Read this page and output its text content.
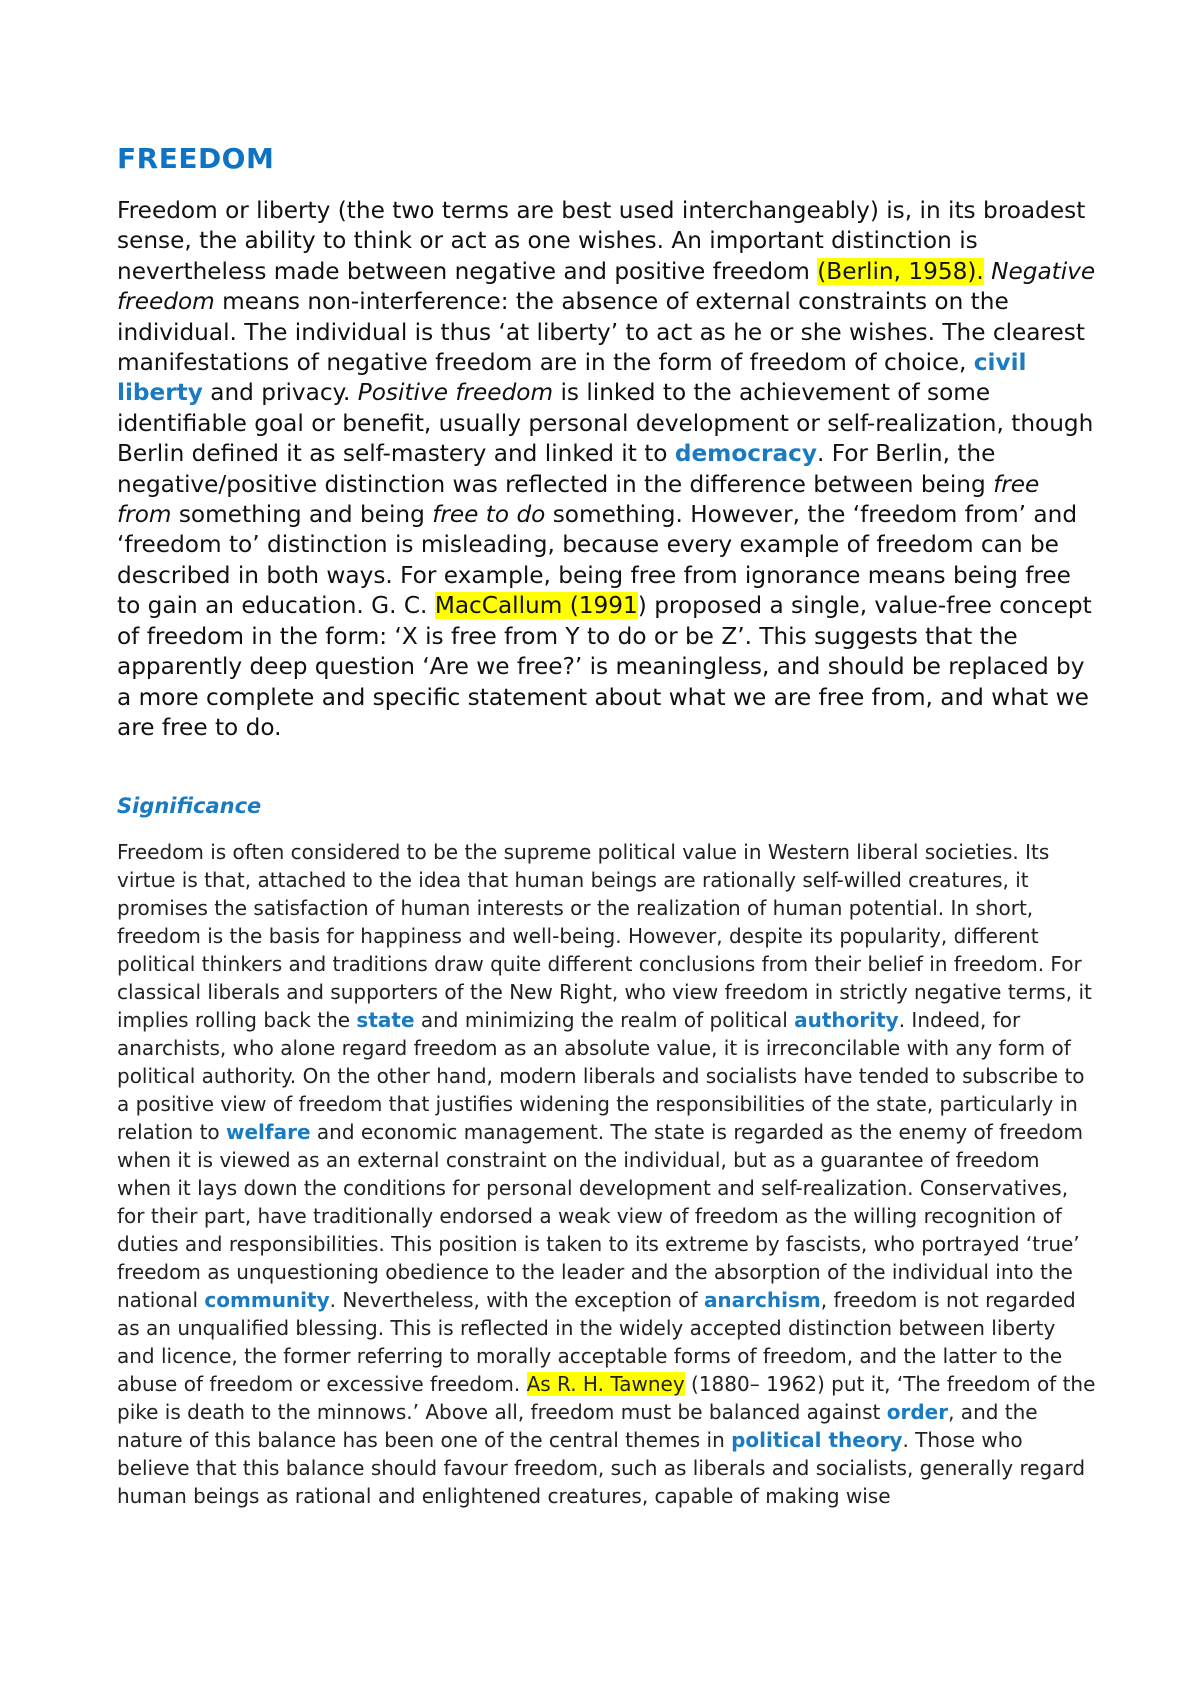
FREEDOM

Freedom or liberty (the two terms are best used interchangeably) is, in its broadest sense, the ability to think or act as one wishes. An important distinction is nevertheless made between negative and positive freedom (Berlin, 1958). Negative freedom means non-interference: the absence of external constraints on the individual. The individual is thus ‘at liberty’ to act as he or she wishes. The clearest manifestations of negative freedom are in the form of freedom of choice, civil liberty and privacy. Positive freedom is linked to the achievement of some identifiable goal or benefit, usually personal development or self-realization, though Berlin defined it as self-mastery and linked it to democracy. For Berlin, the negative/positive distinction was reflected in the difference between being free from something and being free to do something. However, the ‘freedom from’ and ‘freedom to’ distinction is misleading, because every example of freedom can be described in both ways. For example, being free from ignorance means being free to gain an education. G. C. MacCallum (1991) proposed a single, value-free concept of freedom in the form: ‘X is free from Y to do or be Z’. This suggests that the apparently deep question ‘Are we free?’ is meaningless, and should be replaced by a more complete and specific statement about what we are free from, and what we are free to do.

Significance

Freedom is often considered to be the supreme political value in Western liberal societies. Its virtue is that, attached to the idea that human beings are rationally self-willed creatures, it promises the satisfaction of human interests or the realization of human potential. In short, freedom is the basis for happiness and well-being. However, despite its popularity, different political thinkers and traditions draw quite different conclusions from their belief in freedom. For classical liberals and supporters of the New Right, who view freedom in strictly negative terms, it implies rolling back the state and minimizing the realm of political authority. Indeed, for anarchists, who alone regard freedom as an absolute value, it is irreconcilable with any form of political authority. On the other hand, modern liberals and socialists have tended to subscribe to a positive view of freedom that justifies widening the responsibilities of the state, particularly in relation to welfare and economic management. The state is regarded as the enemy of freedom when it is viewed as an external constraint on the individual, but as a guarantee of freedom when it lays down the conditions for personal development and self-realization. Conservatives, for their part, have traditionally endorsed a weak view of freedom as the willing recognition of duties and responsibilities. This position is taken to its extreme by fascists, who portrayed ‘true’ freedom as unquestioning obedience to the leader and the absorption of the individual into the national community. Nevertheless, with the exception of anarchism, freedom is not regarded as an unqualified blessing. This is reflected in the widely accepted distinction between liberty and licence, the former referring to morally acceptable forms of freedom, and the latter to the abuse of freedom or excessive freedom. As R. H. Tawney (1880– 1962) put it, ‘The freedom of the pike is death to the minnows.’ Above all, freedom must be balanced against order, and the nature of this balance has been one of the central themes in political theory. Those who believe that this balance should favour freedom, such as liberals and socialists, generally regard human beings as rational and enlightened creatures, capable of making wise
